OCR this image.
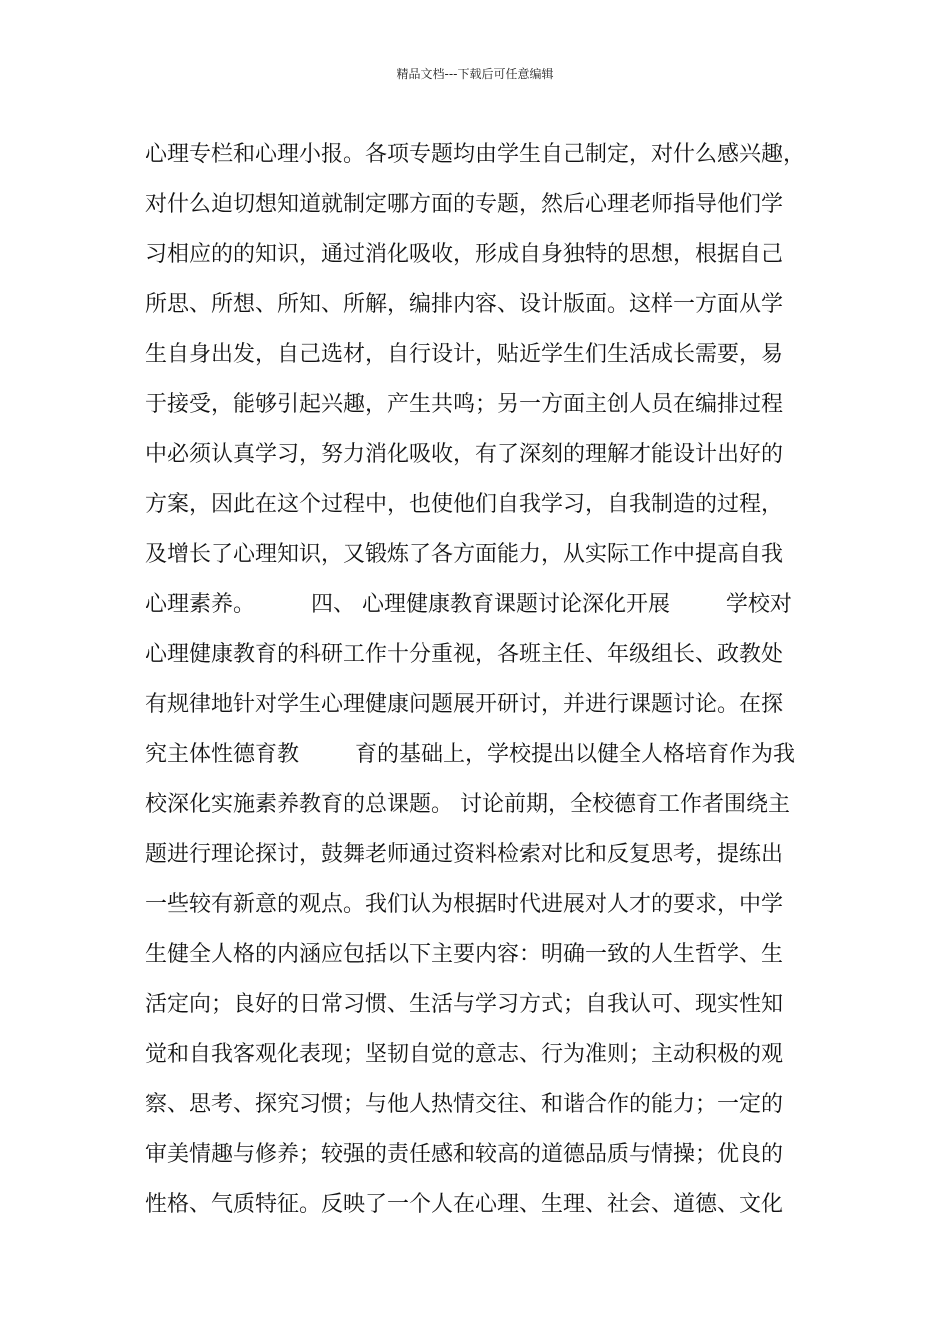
精品文档---下载后可任意编辑
心理专栏和心理小报。各项专题均由学生自己制定，对什么感兴趣，
对什么迫切想知道就制定哪方面的专题，然后心理老师指导他们学
习相应的的知识，通过消化吸收，形成自身独特的思想，根据自己
所思、所想、所知、所解，编排内容、设计版面。这样一方面从学
生自身出发，自己选材，自行设计，贴近学生们生活成长需要，易
于接受，能够引起兴趣，产生共鸣；另一方面主创人员在编排过程
中必须认真学习，努力消化吸收，有了深刻的理解才能设计出好的
方案，因此在这个过程中，也使他们自我学习，自我制造的过程，
及增长了心理知识，又锻炼了各方面能力，从实际工作中提高自我
心理素养。        四、 心理健康教育课题讨论深化开展        学校对
心理健康教育的科研工作十分重视，各班主任、年级组长、政教处
有规律地针对学生心理健康问题展开研讨，并进行课题讨论。在探
究主体性德育教        育的基础上，学校提出以健全人格培育作为我
校深化实施素养教育的总课题。 讨论前期，全校德育工作者围绕主
题进行理论探讨，鼓舞老师通过资料检索对比和反复思考，提练出
一些较有新意的观点。我们认为根据时代进展对人才的要求，中学
生健全人格的内涵应包括以下主要内容：明确一致的人生哲学、生
活定向；良好的日常习惯、生活与学习方式；自我认可、现实性知
觉和自我客观化表现；坚韧自觉的意志、行为准则；主动积极的观
察、思考、探究习惯；与他人热情交往、和谐合作的能力；一定的
审美情趣与修养；较强的责任感和较高的道德品质与情操；优良的
性格、气质特征。反映了一个人在心理、生理、社会、道德、文化
